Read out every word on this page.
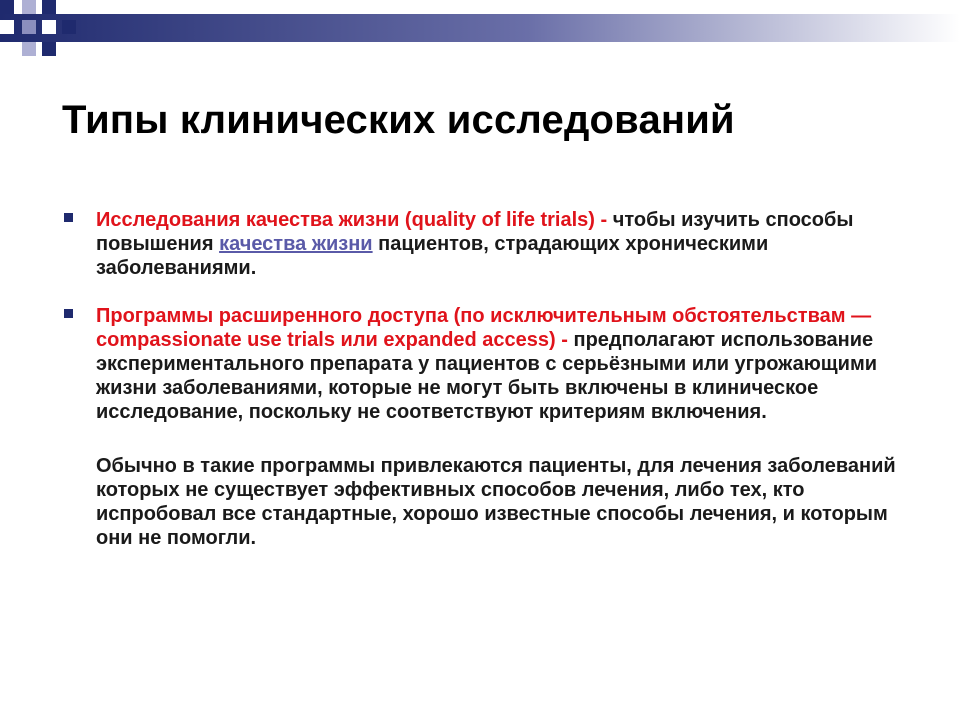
Типы клинических исследований
Исследования качества жизни (quality of life trials) - чтобы изучить способы повышения качества жизни пациентов, страдающих хроническими заболеваниями.
Программы расширенного доступа (по исключительным обстоятельствам — compassionate use trials или expanded access) - предполагают использование экспериментального препарата у пациентов с серьёзными или угрожающими жизни заболеваниями, которые не могут быть включены в клиническое исследование, поскольку не соответствуют критериям включения.
Обычно в такие программы привлекаются пациенты, для лечения заболеваний которых не существует эффективных способов лечения, либо тех, кто испробовал все стандартные, хорошо известные способы лечения, и которым они не помогли.
